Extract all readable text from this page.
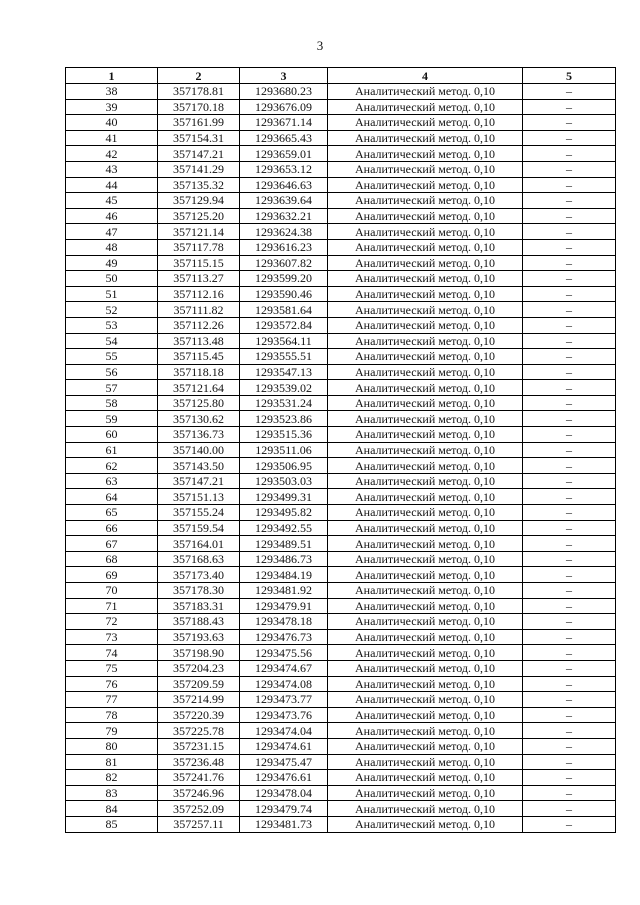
3
1	2	3	4	5
38	357178.81	1293680.23	Аналитический метод. 0,10	–
39	357170.18	1293676.09	Аналитический метод. 0,10	–
40	357161.99	1293671.14	Аналитический метод. 0,10	–
41	357154.31	1293665.43	Аналитический метод. 0,10	–
42	357147.21	1293659.01	Аналитический метод. 0,10	–
43	357141.29	1293653.12	Аналитический метод. 0,10	–
44	357135.32	1293646.63	Аналитический метод. 0,10	–
45	357129.94	1293639.64	Аналитический метод. 0,10	–
46	357125.20	1293632.21	Аналитический метод. 0,10	–
47	357121.14	1293624.38	Аналитический метод. 0,10	–
48	357117.78	1293616.23	Аналитический метод. 0,10	–
49	357115.15	1293607.82	Аналитический метод. 0,10	–
50	357113.27	1293599.20	Аналитический метод. 0,10	–
51	357112.16	1293590.46	Аналитический метод. 0,10	–
52	357111.82	1293581.64	Аналитический метод. 0,10	–
53	357112.26	1293572.84	Аналитический метод. 0,10	–
54	357113.48	1293564.11	Аналитический метод. 0,10	–
55	357115.45	1293555.51	Аналитический метод. 0,10	–
56	357118.18	1293547.13	Аналитический метод. 0,10	–
57	357121.64	1293539.02	Аналитический метод. 0,10	–
58	357125.80	1293531.24	Аналитический метод. 0,10	–
59	357130.62	1293523.86	Аналитический метод. 0,10	–
60	357136.73	1293515.36	Аналитический метод. 0,10	–
61	357140.00	1293511.06	Аналитический метод. 0,10	–
62	357143.50	1293506.95	Аналитический метод. 0,10	–
63	357147.21	1293503.03	Аналитический метод. 0,10	–
64	357151.13	1293499.31	Аналитический метод. 0,10	–
65	357155.24	1293495.82	Аналитический метод. 0,10	–
66	357159.54	1293492.55	Аналитический метод. 0,10	–
67	357164.01	1293489.51	Аналитический метод. 0,10	–
68	357168.63	1293486.73	Аналитический метод. 0,10	–
69	357173.40	1293484.19	Аналитический метод. 0,10	–
70	357178.30	1293481.92	Аналитический метод. 0,10	–
71	357183.31	1293479.91	Аналитический метод. 0,10	–
72	357188.43	1293478.18	Аналитический метод. 0,10	–
73	357193.63	1293476.73	Аналитический метод. 0,10	–
74	357198.90	1293475.56	Аналитический метод. 0,10	–
75	357204.23	1293474.67	Аналитический метод. 0,10	–
76	357209.59	1293474.08	Аналитический метод. 0,10	–
77	357214.99	1293473.77	Аналитический метод. 0,10	–
78	357220.39	1293473.76	Аналитический метод. 0,10	–
79	357225.78	1293474.04	Аналитический метод. 0,10	–
80	357231.15	1293474.61	Аналитический метод. 0,10	–
81	357236.48	1293475.47	Аналитический метод. 0,10	–
82	357241.76	1293476.61	Аналитический метод. 0,10	–
83	357246.96	1293478.04	Аналитический метод. 0,10	–
84	357252.09	1293479.74	Аналитический метод. 0,10	–
85	357257.11	1293481.73	Аналитический метод. 0,10	–
